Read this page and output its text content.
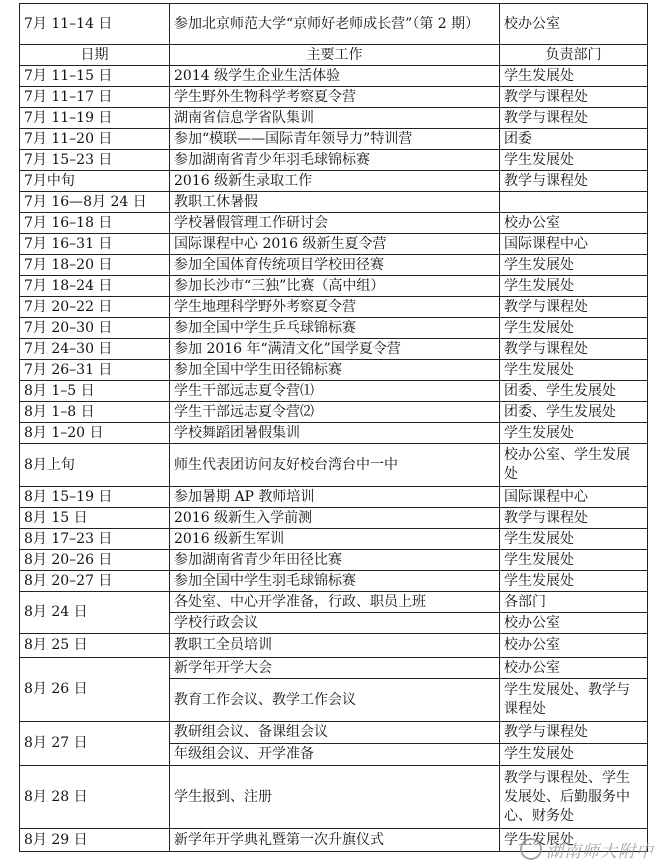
7月 11–14 日	参加北京师范大学“京师好老师成长营”（第 2 期）	校办公室
日期	主要工作	负责部门
7月 11–15 日	2014 级学生企业生活体验	学生发展处
7月 11–17 日	学生野外生物科学考察夏令营	教学与课程处
7月 11–19 日	湖南省信息学省队集训	教学与课程处
7月 11–20 日	参加“模联——国际青年领导力”特训营	团委
7月 15–23 日	参加湖南省青少年羽毛球锦标赛	学生发展处
7月中旬	2016 级新生录取工作	教学与课程处
7月 16—8月 24 日	教职工休暑假	
7月 16–18 日	学校暑假管理工作研讨会	校办公室
7月 16–31 日	国际课程中心 2016 级新生夏令营	国际课程中心
7月 18–20 日	参加全国体育传统项目学校田径赛	学生发展处
7月 18–24 日	参加长沙市“三独”比赛（高中组）	学生发展处
7月 20–22 日	学生地理科学野外考察夏令营	教学与课程处
7月 20–30 日	参加全国中学生乒乓球锦标赛	学生发展处
7月 24–30 日	参加 2016 年“满清文化”国学夏令营	教学与课程处
7月 26–31 日	参加全国中学生田径锦标赛	学生发展处
8月 1–5 日	学生干部远志夏令营⑴	团委、学生发展处
8月 1–8 日	学生干部远志夏令营⑵	团委、学生发展处
8月 1–20 日	学校舞蹈团暑假集训	学生发展处
8月上旬	师生代表团访问友好校台湾台中一中	校办公室、学生发展处
8月 15–19 日	参加暑期 AP 教师培训	国际课程中心
8月 15 日	2016 级新生入学前测	教学与课程处
8月 17–23 日	2016 级新生军训	学生发展处
8月 20–26 日	参加湖南省青少年田径比赛	学生发展处
8月 20–27 日	参加全国中学生羽毛球锦标赛	学生发展处
8月 24 日	各处室、中心开学准备，行政、职员上班	各部门
	学校行政会议	校办公室
8月 25 日	教职工全员培训	校办公室
8月 26 日	新学年开学大会	校办公室
	教育工作会议、教学工作会议	学生发展处、教学与课程处
8月 27 日	教研组会议、备课组会议	教学与课程处
	年级组会议、开学准备	学生发展处
8月 28 日	学生报到、注册	教学与课程处、学生发展处、后勤服务中心、财务处
8月 29 日	新学年开学典礼暨第一次升旗仪式	学生发展处
湖南师大附中
